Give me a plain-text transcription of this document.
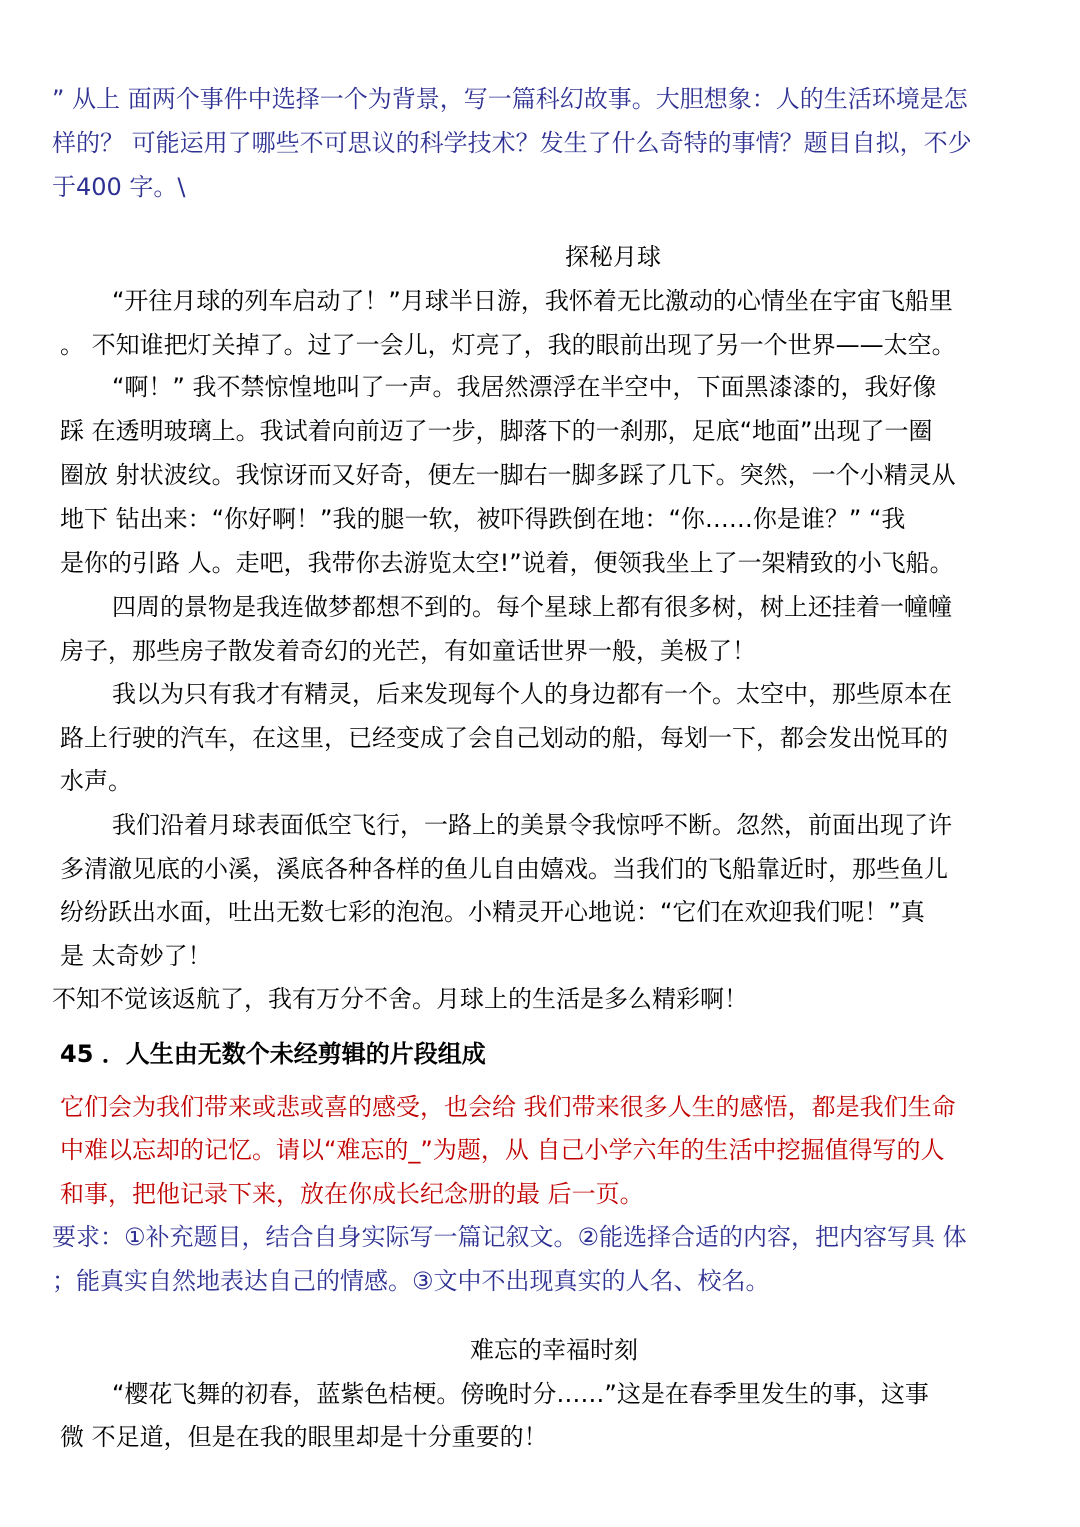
” 从上 面两个事件中选择一个为背景，写一篇科幻故事。大胆想象：人的生活环境是怎
样的？ 可能运用了哪些不可思议的科学技术？发生了什么奇特的事情？题目自拟，不少
于400 字。\
探秘月球
“开往月球的列车启动了！”月球半日游，我怀着无比激动的心情坐在宇宙飞船里
。 不知谁把灯关掉了。过了一会儿，灯亮了，我的眼前出现了另一个世界——太空。
“啊！” 我不禁惊惶地叫了一声。我居然漂浮在半空中，下面黑漆漆的，我好像
踩 在透明玻璃上。我试着向前迈了一步，脚落下的一刹那，足底“地面”出现了一圈
圈放 射状波纹。我惊讶而又好奇，便左一脚右一脚多踩了几下。突然，一个小精灵从
地下 钻出来：“你好啊！”我的腿一软，被吓得跌倒在地：“你……你是谁？” “我
是你的引路 人。走吧，我带你去游览太空!”说着，便领我坐上了一架精致的小飞船。
四周的景物是我连做梦都想不到的。每个星球上都有很多树，树上还挂着一幢幢
房子，那些房子散发着奇幻的光芒，有如童话世界一般，美极了！
我以为只有我才有精灵，后来发现每个人的身边都有一个。太空中，那些原本在
路上行驶的汽车，在这里，已经变成了会自己划动的船，每划一下，都会发出悦耳的
水声。
我们沿着月球表面低空飞行，一路上的美景令我惊呼不断。忽然，前面出现了许
多清澈见底的小溪，溪底各种各样的鱼儿自由嬉戏。当我们的飞船靠近时，那些鱼儿
纷纷跃出水面，吐出无数七彩的泡泡。小精灵开心地说：“它们在欢迎我们呢！”真
是 太奇妙了！
不知不觉该返航了，我有万分不舍。月球上的生活是多么精彩啊！
45 ．人生由无数个未经剪辑的片段组成
它们会为我们带来或悲或喜的感受，也会给 我们带来很多人生的感悟，都是我们生命
中难以忘却的记忆。请以“难忘的_”为题，从 自己小学六年的生活中挖掘值得写的人
和事，把他记录下来，放在你成长纪念册的最 后一页。
要求：①补充题目，结合自身实际写一篇记叙文。②能选择合适的内容，把内容写具 体
；能真实自然地表达自己的情感。③文中不出现真实的人名、校名。
难忘的幸福时刻
“樱花飞舞的初春，蓝紫色桔梗。傍晚时分……”这是在春季里发生的事，这事
微 不足道，但是在我的眼里却是十分重要的！
